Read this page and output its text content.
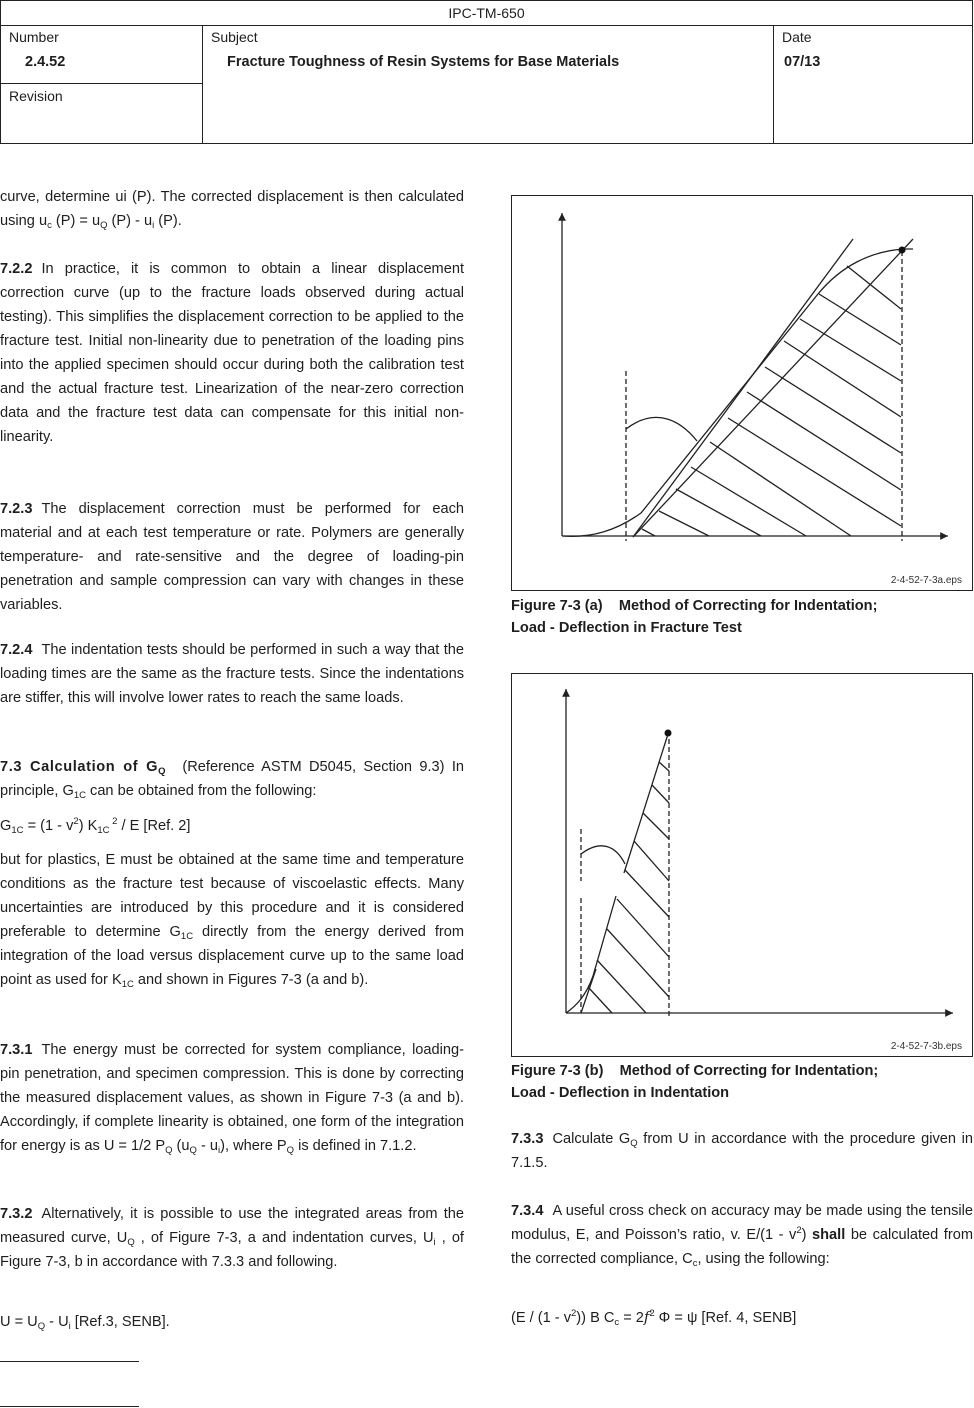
IPC-TM-650
Number
2.4.52
Revision
Subject
Fracture Toughness of Resin Systems for Base Materials
Date
07/13

curve, determine ui (P). The corrected displacement is then calculated using $u_c$ $(P) = u_Q$ $(P) - u_i$ (P).

7.2.2 In practice, it is common to obtain a linear displacement correction curve (up to the fracture loads observed during actual testing). This simplifies the displacement correction to be applied to the fracture test. Initial non-linearity due to penetration of the loading pins into the applied specimen should occur during both the calibration test and the actual fracture test. Linearization of the near-zero correction data and the fracture test data can compensate for this initial non-linearity.

7.2.3 The displacement correction must be performed for each material and at each test temperature or rate. Polymers are generally temperature- and rate-sensitive and the degree of loading-pin penetration and sample compression can vary with changes in these variables.

7.2.4 The indentation tests should be performed in such a way that the loading times are the same as the fracture tests. Since the indentations are stiffer, this will involve lower rates to reach the same loads.

7.3 Calculation of $G_Q$ (Reference ASTM D5045, Section 9.3) In principle, $G_{1C}$ can be obtained from the following:

$G_{1C} = (1 - v^2)$ $K_{1C}$ $^2$ / E [Ref. 2]

but for plastics, E must be obtained at the same time and temperature conditions as the fracture test because of viscoelastic effects. Many uncertainties are introduced by this procedure and it is considered preferable to determine $G_{1C}$ directly from the energy derived from integration of the load versus displacement curve up to the same load point as used for $K_{1C}$ and shown in Figures 7-3 (a and b).

7.3.1 The energy must be corrected for system compliance, loading-pin penetration, and specimen compression. This is done by correcting the measured displacement values, as shown in Figure 7-3 (a and b). Accordingly, if complete linearity is obtained, one form of the integration for energy is as U = 1/2 $P_Q$ $(u_Q - u_i)$, where $P_Q$ is defined in 7.1.2.

7.3.2 Alternatively, it is possible to use the integrated areas from the measured curve, $U_Q$ , of Figure 7-3, a and indentation curves, $U_i$ , of Figure 7-3, b in accordance with 7.3.3 and following.

$U = U_Q - U_i$ [Ref.3, SENB].

2-4-52-7-3a.eps
Figure 7-3 (a)    Method of Correcting for Indentation;
Load - Deflection in Fracture Test
2-4-52-7-3b.eps
Figure 7-3 (b)    Method of Correcting for Indentation;
Load - Deflection in Indentation

7.3.3 Calculate $G_Q$ from U in accordance with the procedure given in 7.1.5.

7.3.4 A useful cross check on accuracy may be made using the tensile modulus, E, and Poisson’s ratio, v. $E/(1 - v^2)$ shall be calculated from the corrected compliance, $C_c$, using the following:

$(E / (1 - v^2))$ B $C_c = 2f^2$ Φ = ψ [Ref. 4, SENB]
